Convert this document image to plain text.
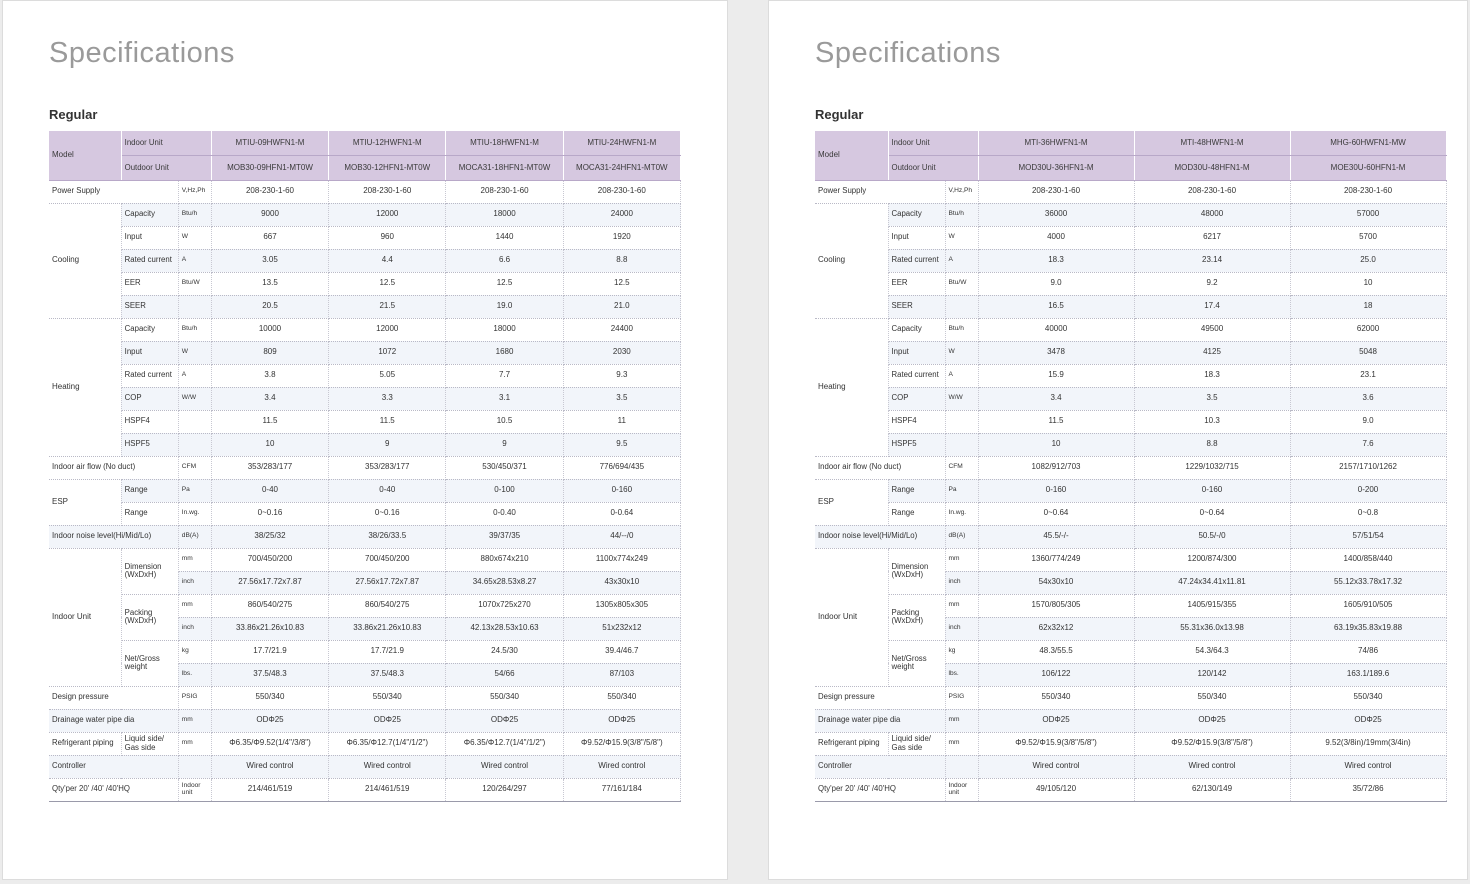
Specifications
Regular
Model	Indoor Unit		MTIU-09HWFN1-M	MTIU-12HWFN1-M	MTIU-18HWFN1-M	MTIU-24HWFN1-M
	Outdoor Unit		MOB30-09HFN1-MT0W	MOB30-12HFN1-MT0W	MOCA31-18HFN1-MT0W	MOCA31-24HFN1-MT0W
Power Supply		V,Hz,Ph	208-230-1-60	208-230-1-60	208-230-1-60	208-230-1-60
Cooling	Capacity	Btu/h	9000	12000	18000	24000
	Input	W	667	960	1440	1920
	Rated current	A	3.05	4.4	6.6	8.8
	EER	Btu/W	13.5	12.5	12.5	12.5
	SEER		20.5	21.5	19.0	21.0
Heating	Capacity	Btu/h	10000	12000	18000	24400
	Input	W	809	1072	1680	2030
	Rated current	A	3.8	5.05	7.7	9.3
	COP	W/W	3.4	3.3	3.1	3.5
	HSPF4		11.5	11.5	10.5	11
	HSPF5		10	9	9	9.5
Indoor air flow (No duct)		CFM	353/283/177	353/283/177	530/450/371	776/694/435
ESP	Range	Pa	0-40	0-40	0-100	0-160
	Range	In.wg.	0~0.16	0~0.16	0-0.40	0-0.64
Indoor noise level(Hi/Mid/Lo)		dB(A)	38/25/32	38/26/33.5	39/37/35	44/--/0
Indoor Unit	Dimension (WxDxH)	mm	700/450/200	700/450/200	880x674x210	1100x774x249
		inch	27.56x17.72x7.87	27.56x17.72x7.87	34.65x28.53x8.27	43x30x10
	Packing (WxDxH)	mm	860/540/275	860/540/275	1070x725x270	1305x805x305
		inch	33.86x21.26x10.83	33.86x21.26x10.83	42.13x28.53x10.63	51x232x12
	Net/Gross weight	kg	17.7/21.9	17.7/21.9	24.5/30	39.4/46.7
		lbs.	37.5/48.3	37.5/48.3	54/66	87/103
Design pressure		PSIG	550/340	550/340	550/340	550/340
Drainage water pipe dia		mm	ODΦ25	ODΦ25	ODΦ25	ODΦ25
Refrigerant piping	Liquid side/ Gas side	mm	Φ6.35/Φ9.52(1/4"/3/8")	Φ6.35/Φ12.7(1/4"/1/2")	Φ6.35/Φ12.7(1/4"/1/2")	Φ9.52/Φ15.9(3/8"/5/8")
Controller			Wired control	Wired control	Wired control	Wired control
Qty'per 20' /40' /40'HQ		Indoor unit	214/461/519	214/461/519	120/264/297	77/161/184
Specifications
Regular
Model	Indoor Unit		MTI-36HWFN1-M	MTI-48HWFN1-M	MHG-60HWFN1-MW
	Outdoor Unit		MOD30U-36HFN1-M	MOD30U-48HFN1-M	MOE30U-60HFN1-M
Power Supply		V,Hz,Ph	208-230-1-60	208-230-1-60	208-230-1-60
Cooling	Capacity	Btu/h	36000	48000	57000
	Input	W	4000	6217	5700
	Rated current	A	18.3	23.14	25.0
	EER	Btu/W	9.0	9.2	10
	SEER		16.5	17.4	18
Heating	Capacity	Btu/h	40000	49500	62000
	Input	W	3478	4125	5048
	Rated current	A	15.9	18.3	23.1
	COP	W/W	3.4	3.5	3.6
	HSPF4		11.5	10.3	9.0
	HSPF5		10	8.8	7.6
Indoor air flow (No duct)		CFM	1082/912/703	1229/1032/715	2157/1710/1262
ESP	Range	Pa	0-160	0-160	0-200
	Range	In.wg.	0~0.64	0~0.64	0~0.8
Indoor noise level(Hi/Mid/Lo)		dB(A)	45.5/-/-	50.5/-/0	57/51/54
Indoor Unit	Dimension (WxDxH)	mm	1360/774/249	1200/874/300	1400/858/440
		inch	54x30x10	47.24x34.41x11.81	55.12x33.78x17.32
	Packing (WxDxH)	mm	1570/805/305	1405/915/355	1605/910/505
		inch	62x32x12	55.31x36.0x13.98	63.19x35.83x19.88
	Net/Gross weight	kg	48.3/55.5	54.3/64.3	74/86
		lbs.	106/122	120/142	163.1/189.6
Design pressure		PSIG	550/340	550/340	550/340
Drainage water pipe dia		mm	ODΦ25	ODΦ25	ODΦ25
Refrigerant piping	Liquid side/ Gas side	mm	Φ9.52/Φ15.9(3/8"/5/8")	Φ9.52/Φ15.9(3/8"/5/8")	9.52(3/8in)/19mm(3/4in)
Controller			Wired control	Wired control	Wired control
Qty'per 20' /40' /40'HQ		Indoor unit	49/105/120	62/130/149	35/72/86
